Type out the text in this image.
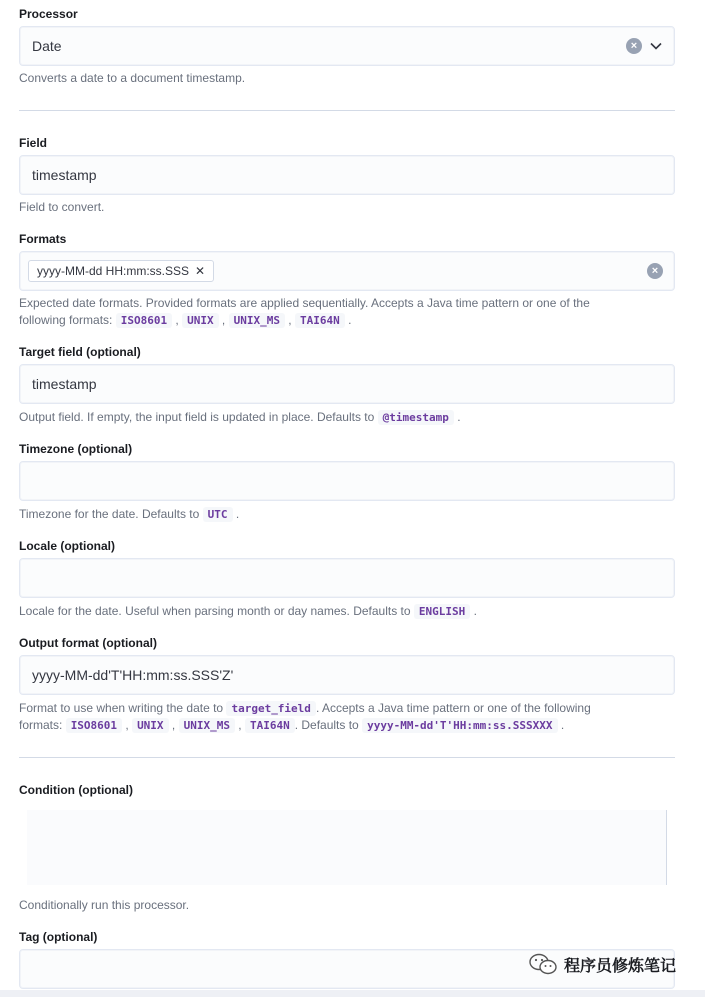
Processor
Date	×
Converts a date to a document timestamp.
Field
timestamp
Field to convert.
Formats
yyyy-MM-dd HH:mm:ss.SSS ✕	×
Expected date formats. Provided formats are applied sequentially. Accepts a Java time pattern or one of the
following formats: ISO8601 , UNIX , UNIX_MS , TAI64N .
Target field (optional)
timestamp
Output field. If empty, the input field is updated in place. Defaults to @timestamp .
Timezone (optional)
Timezone for the date. Defaults to UTC .
Locale (optional)
Locale for the date. Useful when parsing month or day names. Defaults to ENGLISH .
Output format (optional)
yyyy-MM-dd'T'HH:mm:ss.SSS'Z'
Format to use when writing the date to target_field . Accepts a Java time pattern or one of the following
formats: ISO8601 , UNIX , UNIX_MS , TAI64N . Defaults to yyyy-MM-dd'T'HH:mm:ss.SSSXXX .
Condition (optional)
Conditionally run this processor.
Tag (optional)
程序员修炼笔记
